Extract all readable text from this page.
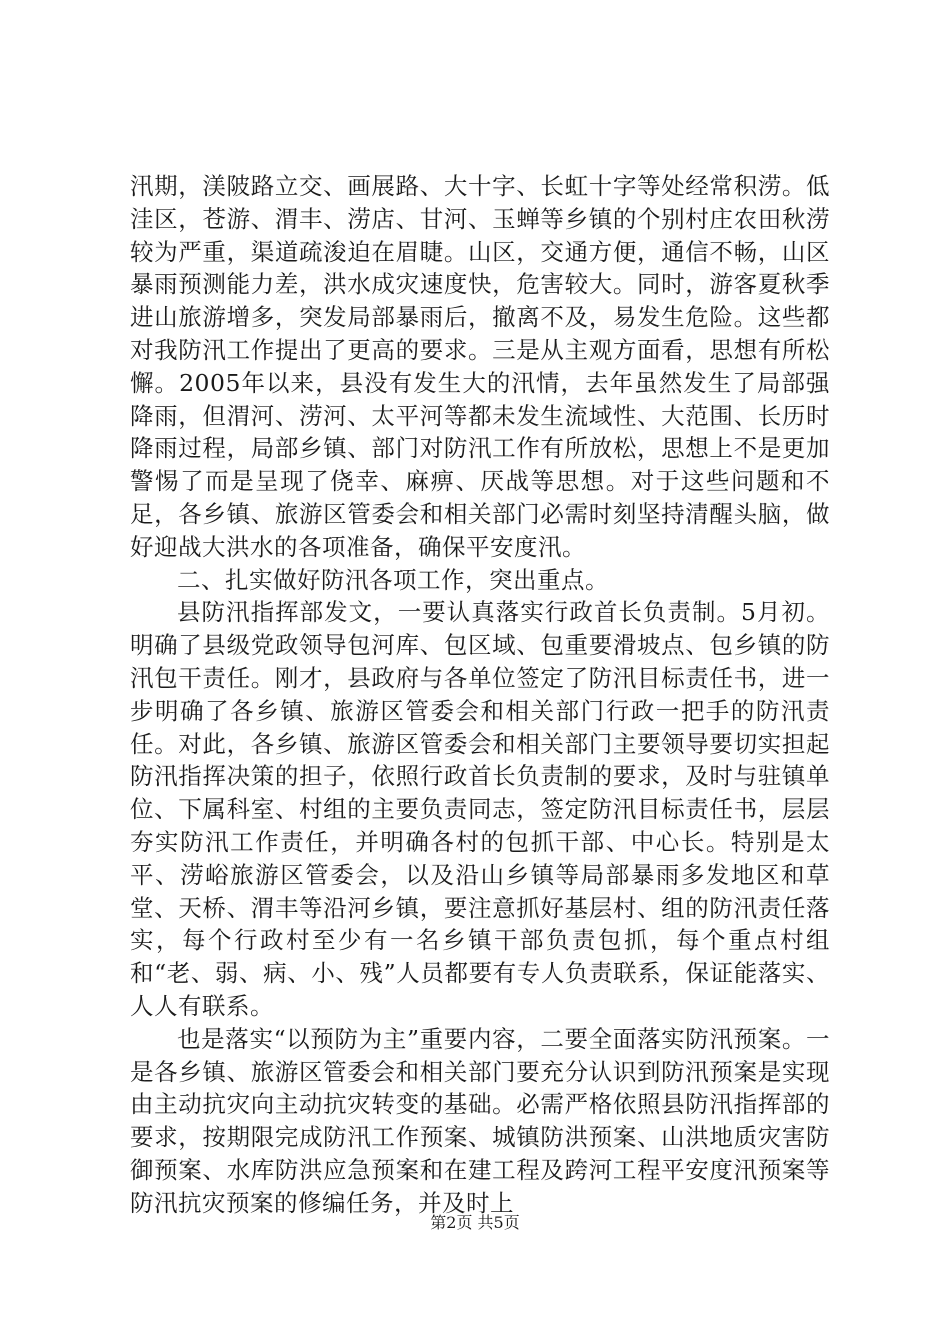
汛期，渼陂路立交、画展路、大十字、长虹十字等处经常积涝。低洼区，苍游、渭丰、涝店、甘河、玉蝉等乡镇的个别村庄农田秋涝较为严重，渠道疏浚迫在眉睫。山区，交通方便，通信不畅，山区暴雨预测能力差，洪水成灾速度快，危害较大。同时，游客夏秋季进山旅游增多，突发局部暴雨后，撤离不及，易发生危险。这些都对我防汛工作提出了更高的要求。三是从主观方面看，思想有所松懈。2005年以来，县没有发生大的汛情，去年虽然发生了局部强降雨，但渭河、涝河、太平河等都未发生流域性、大范围、长历时降雨过程，局部乡镇、部门对防汛工作有所放松，思想上不是更加警惕了而是呈现了侥幸、麻痹、厌战等思想。对于这些问题和不足，各乡镇、旅游区管委会和相关部门必需时刻坚持清醒头脑，做好迎战大洪水的各项准备，确保平安度汛。

二、扎实做好防汛各项工作，突出重点。

县防汛指挥部发文，一要认真落实行政首长负责制。5月初。明确了县级党政领导包河库、包区域、包重要滑坡点、包乡镇的防汛包干责任。刚才，县政府与各单位签定了防汛目标责任书，进一步明确了各乡镇、旅游区管委会和相关部门行政一把手的防汛责任。对此，各乡镇、旅游区管委会和相关部门主要领导要切实担起防汛指挥决策的担子，依照行政首长负责制的要求，及时与驻镇单位、下属科室、村组的主要负责同志，签定防汛目标责任书，层层夯实防汛工作责任，并明确各村的包抓干部、中心长。特别是太平、涝峪旅游区管委会，以及沿山乡镇等局部暴雨多发地区和草堂、天桥、渭丰等沿河乡镇，要注意抓好基层村、组的防汛责任落实，每个行政村至少有一名乡镇干部负责包抓，每个重点村组和“老、弱、病、小、残”人员都要有专人负责联系，保证能落实、人人有联系。

也是落实“以预防为主”重要内容，二要全面落实防汛预案。一是各乡镇、旅游区管委会和相关部门要充分认识到防汛预案是实现由主动抗灾向主动抗灾转变的基础。必需严格依照县防汛指挥部的要求，按期限完成防汛工作预案、城镇防洪预案、山洪地质灾害防御预案、水库防洪应急预案和在建工程及跨河工程平安度汛预案等防汛抗灾预案的修编任务，并及时上

第2页 共5页
